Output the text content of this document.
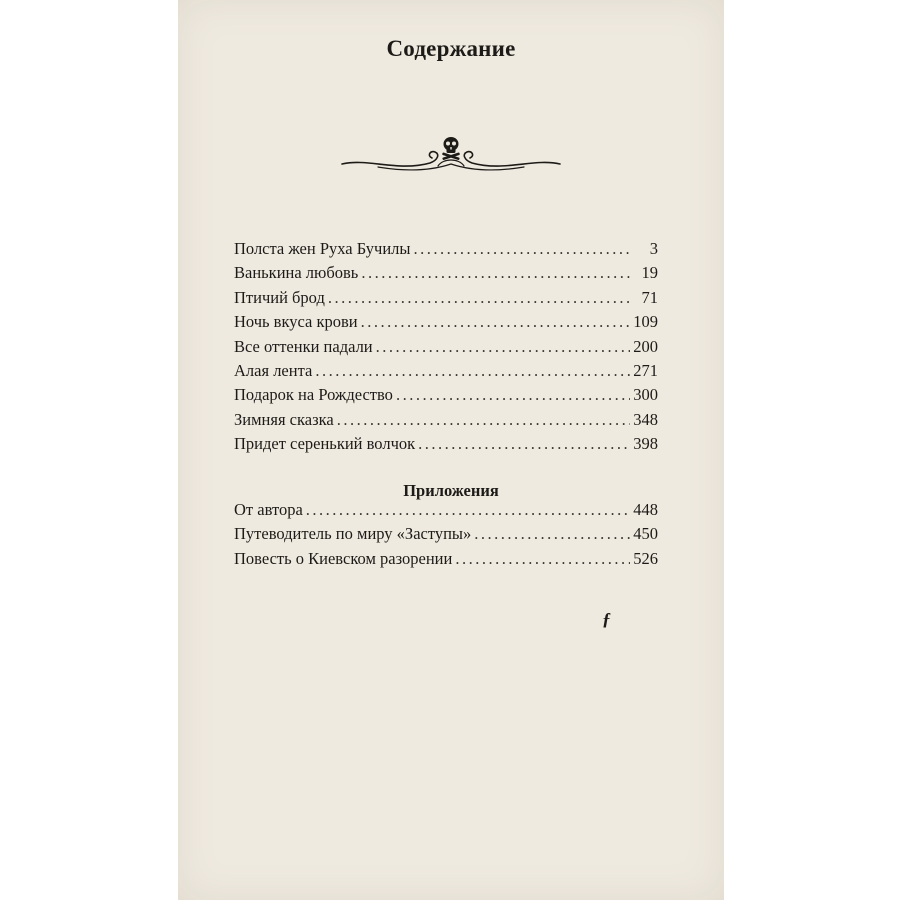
Содержание
Полста жен Руха Бучилы .....	3
Ванькина любовь .....	19
Птичий брод .....	71
Ночь вкуса крови .....	109
Все оттенки падали .....	200
Алая лента .....	271
Подарок на Рождество .....	300
Зимняя сказка .....	348
Придет серенький волчок .....	398
Приложения
От автора .....	448
Путеводитель по миру «Заступы» .....	450
Повесть о Киевском разорении .....	526
ƒ
